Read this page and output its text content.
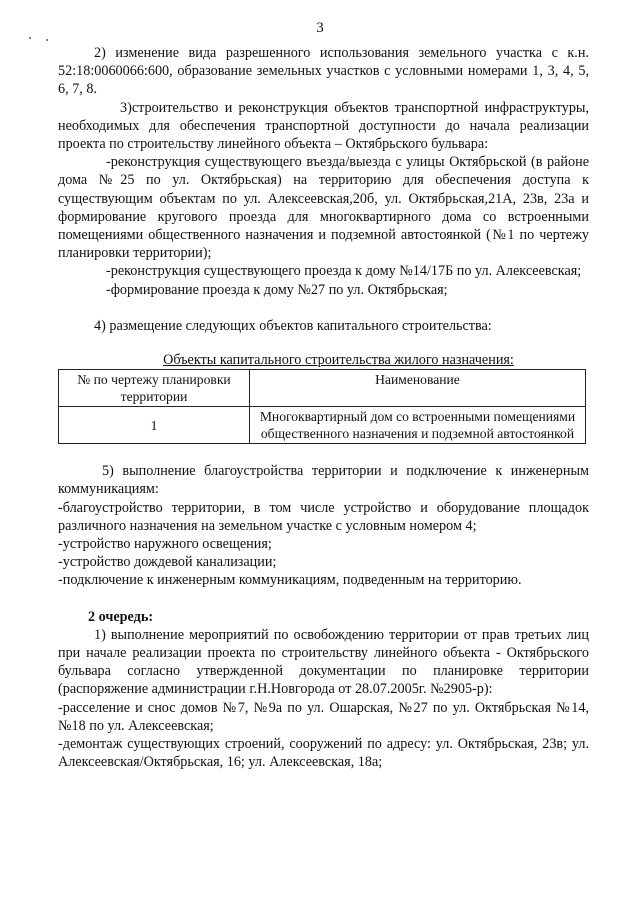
3

2) изменение вида разрешенного использования земельного участка с к.н. 52:18:0060066:600, образование земельных участков с условными номерами 1, 3, 4, 5, 6, 7, 8.

3)строительство и реконструкция объектов транспортной инфраструктуры, необходимых для обеспечения транспортной доступности до начала реализации проекта по строительству линейного объекта – Октябрьского бульвара:

-реконструкция существующего въезда/выезда с улицы Октябрьской (в районе дома №25 по ул. Октябрьская) на территорию для обеспечения доступа к существующим объектам по ул. Алексеевская,20б, ул. Октябрьская,21А, 23в, 23а и формирование кругового проезда для многоквартирного дома со встроенными помещениями общественного назначения и подземной автостоянкой (№1 по чертежу планировки территории);

-реконструкция существующего проезда к дому №14/17Б по ул. Алексеевская;

-формирование проезда к дому №27 по ул. Октябрьская;

4) размещение следующих объектов капитального строительства:

Объекты капитального строительства жилого назначения:

№ по чертежу планировки территории	Наименование
1	Многоквартирный дом со встроенными помещениями общественного назначения и подземной автостоянкой

5) выполнение благоустройства территории и подключение к инженерным коммуникациям:

-благоустройство территории, в том числе устройство и оборудование площадок различного назначения на земельном участке с условным номером 4;

-устройство наружного освещения;

-устройство дождевой канализации;

-подключение к инженерным коммуникациям, подведенным на территорию.

2 очередь:

1) выполнение мероприятий по освобождению территории от прав третьих лиц при начале реализации проекта по строительству линейного объекта - Октябрьского бульвара согласно утвержденной документации по планировке территории (распоряжение администрации г.Н.Новгорода от 28.07.2005г. №2905-р):

-расселение и снос домов №7, №9а по ул. Ошарская, №27 по ул. Октябрьская №14, №18 по ул. Алексеевская;

-демонтаж существующих строений, сооружений по адресу: ул. Октябрьская, 23в; ул. Алексеевская/Октябрьская, 16; ул. Алексеевская, 18а;
